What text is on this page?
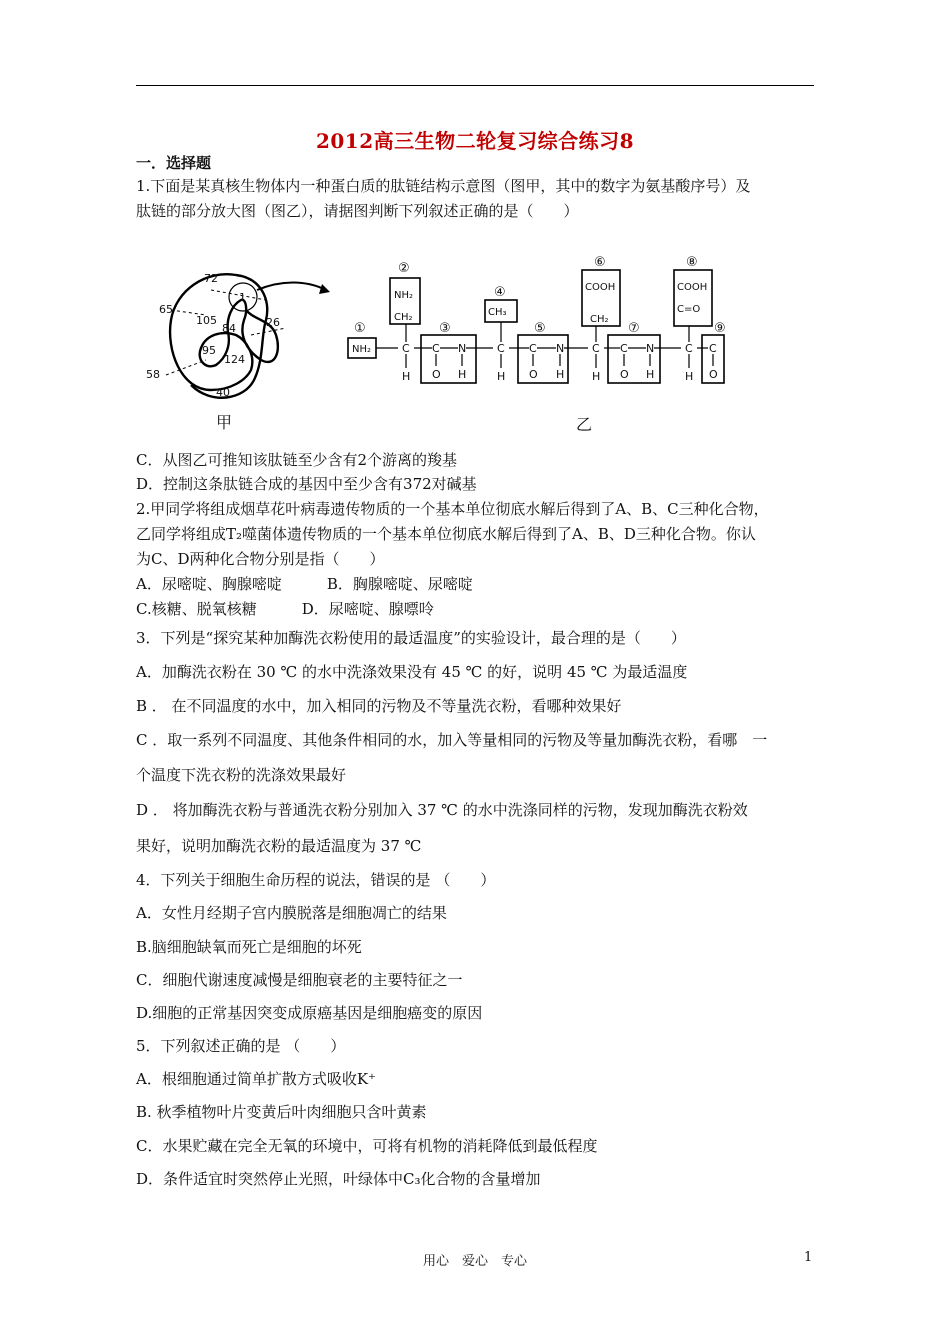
2012高三生物二轮复习综合练习8
一．选择题
1.下面是某真核生物体内一种蛋白质的肽链结构示意图（图甲，其中的数字为氨基酸序号）及
肽链的部分放大图（图乙），请据图判断下列叙述正确的是（　　）
72
65
105
84	26
95
124
58
40
1
甲
NH₂
NH₂
CH₂	CH₃
COOH
CH₂
COOH
C=O
C C N	C C N	C C N	C C
H O H	H O H	H O H	H O
①
②
③
④
⑤
⑥
⑦
⑧
⑨
乙
C．从图乙可推知该肽链至少含有2个游离的羧基
D．控制这条肽链合成的基因中至少含有372对碱基
2.甲同学将组成烟草花叶病毒遗传物质的一个基本单位彻底水解后得到了A、B、C三种化合物，
乙同学将组成T₂噬菌体遗传物质的一个基本单位彻底水解后得到了A、B、D三种化合物。你认
为C、D两种化合物分别是指（　　）
A．尿嘧啶、胸腺嘧啶　　　B．胸腺嘧啶、尿嘧啶
C.核糖、脱氧核糖　　　D．尿嘧啶、腺嘌呤
3．下列是“探究某种加酶洗衣粉使用的最适温度”的实验设计，最合理的是（　　）
A．加酶洗衣粉在 30 ℃ 的水中洗涤效果没有 45 ℃ 的好，说明 45 ℃ 为最适温度
B ． 在不同温度的水中，加入相同的污物及不等量洗衣粉，看哪种效果好
C ．取一系列不同温度、其他条件相同的水，加入等量相同的污物及等量加酶洗衣粉，看哪　一
个温度下洗衣粉的洗涤效果最好
D ． 将加酶洗衣粉与普通洗衣粉分别加入 37 ℃ 的水中洗涤同样的污物，发现加酶洗衣粉效
果好，说明加酶洗衣粉的最适温度为 37 ℃
4．下列关于细胞生命历程的说法，错误的是 （　　）
A．女性月经期子宫内膜脱落是细胞凋亡的结果
B.脑细胞缺氧而死亡是细胞的坏死
C．细胞代谢速度减慢是细胞衰老的主要特征之一
D.细胞的正常基因突变成原癌基因是细胞癌变的原因
5．下列叙述正确的是 （　　）
A．根细胞通过简单扩散方式吸收K⁺
B. 秋季植物叶片变黄后叶肉细胞只含叶黄素
C．水果贮藏在完全无氧的环境中，可将有机物的消耗降低到最低程度
D．条件适宜时突然停止光照，叶绿体中C₃化合物的含量增加
用心　爱心　专心	1
